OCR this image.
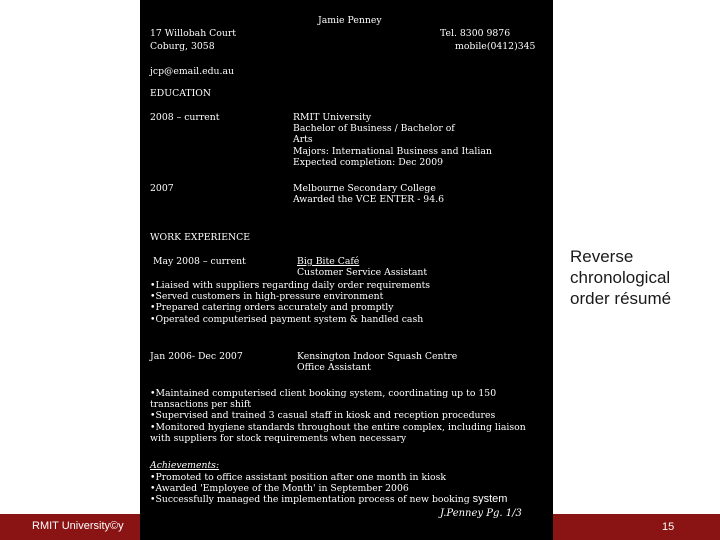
RMIT University©y	15
Jamie Penney
17 Willobah Court
Coburg, 3058
Tel. 8300 9876
mobile(0412)345
jcp@email.edu.au
EDUCATION
2008 – current	RMIT University
Bachelor of Business / Bachelor of
Arts
Majors: International Business and Italian
Expected completion: Dec 2009
2007	Melbourne Secondary College
Awarded the VCE ENTER - 94.6
WORK EXPERIENCE
May 2008 – current	Big Bite Café
Customer Service Assistant
• Liaised with suppliers regarding daily order requirements
• Served customers in high-pressure environment
• Prepared catering orders accurately and promptly
• Operated computerised payment system & handled cash
Jan 2006- Dec 2007	Kensington Indoor Squash Centre
Office Assistant
• Maintained computerised client booking system, coordinating up to 150 transactions per shift
• Supervised and trained 3 casual staff in kiosk and reception procedures
• Monitored hygiene standards throughout the entire complex, including liaison with suppliers for stock requirements when necessary
Achievements:
• Promoted to office assistant position after one month in kiosk
• Awarded 'Employee of the Month' in September 2006
• Successfully managed the implementation process of new booking system
J.Penney Pg. 1/3
Reverse
chronological
order résumé
